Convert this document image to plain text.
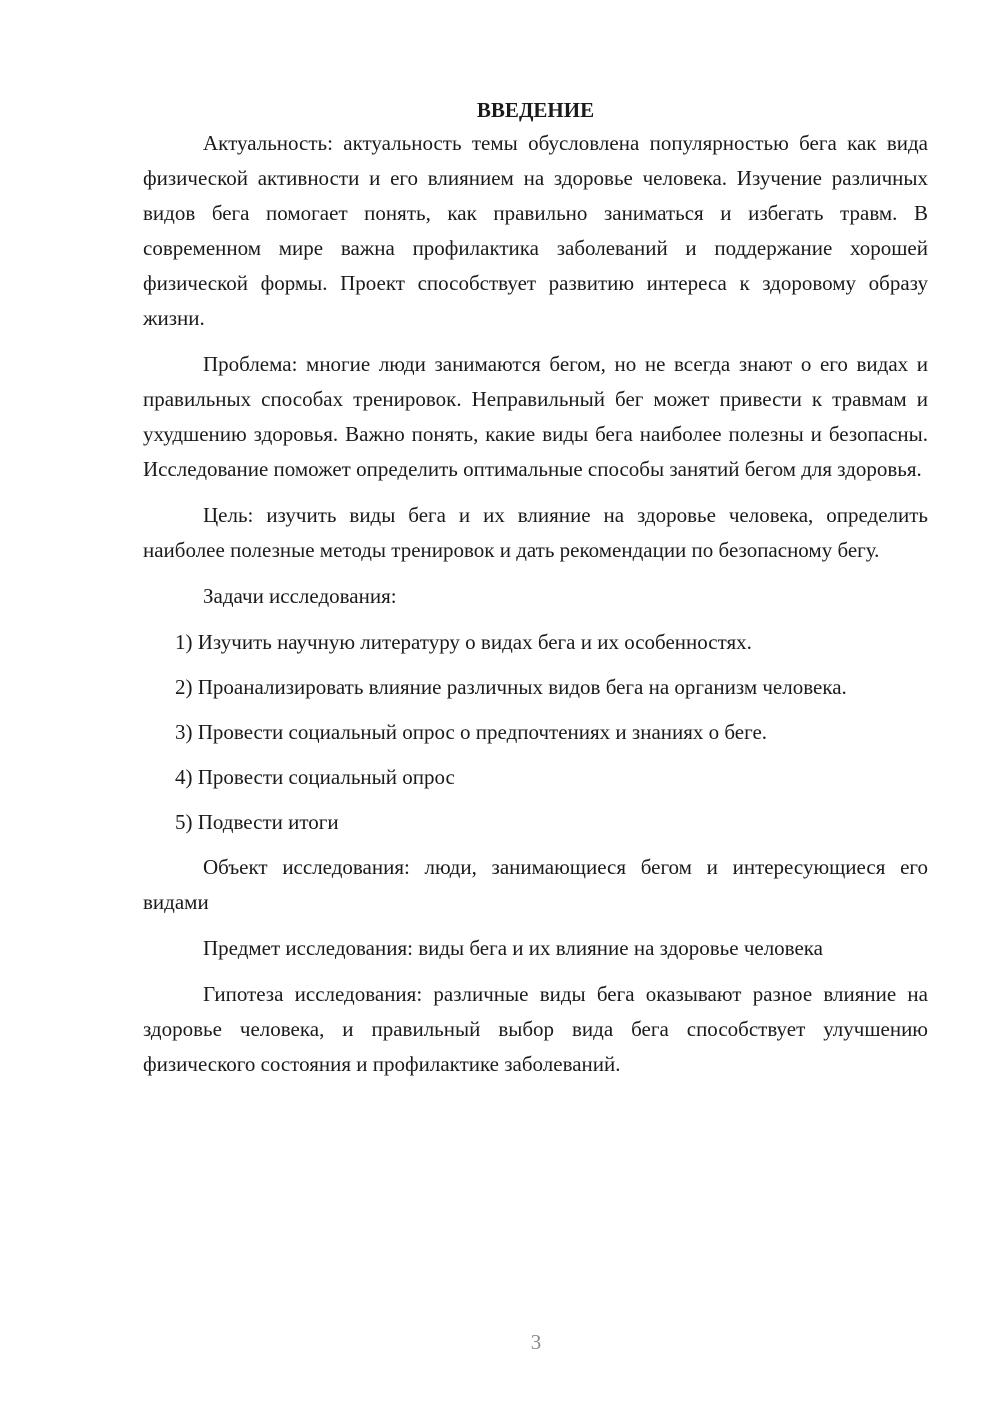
ВВЕДЕНИЕ

Актуальность: актуальность темы обусловлена популярностью бега как вида физической активности и его влиянием на здоровье человека. Изучение различных видов бега помогает понять, как правильно заниматься и избегать травм. В современном мире важна профилактика заболеваний и поддержание хорошей физической формы. Проект способствует развитию интереса к здоровому образу жизни.

Проблема: многие люди занимаются бегом, но не всегда знают о его видах и правильных способах тренировок. Неправильный бег может привести к травмам и ухудшению здоровья. Важно понять, какие виды бега наиболее полезны и безопасны. Исследование поможет определить оптимальные способы занятий бегом для здоровья.

Цель: изучить виды бега и их влияние на здоровье человека, определить наиболее полезные методы тренировок и дать рекомендации по безопасному бегу.

Задачи исследования:

1) Изучить научную литературу о видах бега и их особенностях.

2) Проанализировать влияние различных видов бега на организм человека.

3) Провести социальный опрос о предпочтениях и знаниях о беге.

4) Провести социальный опрос

5) Подвести итоги

Объект исследования: люди, занимающиеся бегом и интересующиеся его видами

Предмет исследования: виды бега и их влияние на здоровье человека

Гипотеза исследования: различные виды бега оказывают разное влияние на здоровье человека, и правильный выбор вида бега способствует улучшению физического состояния и профилактике заболеваний.

3
